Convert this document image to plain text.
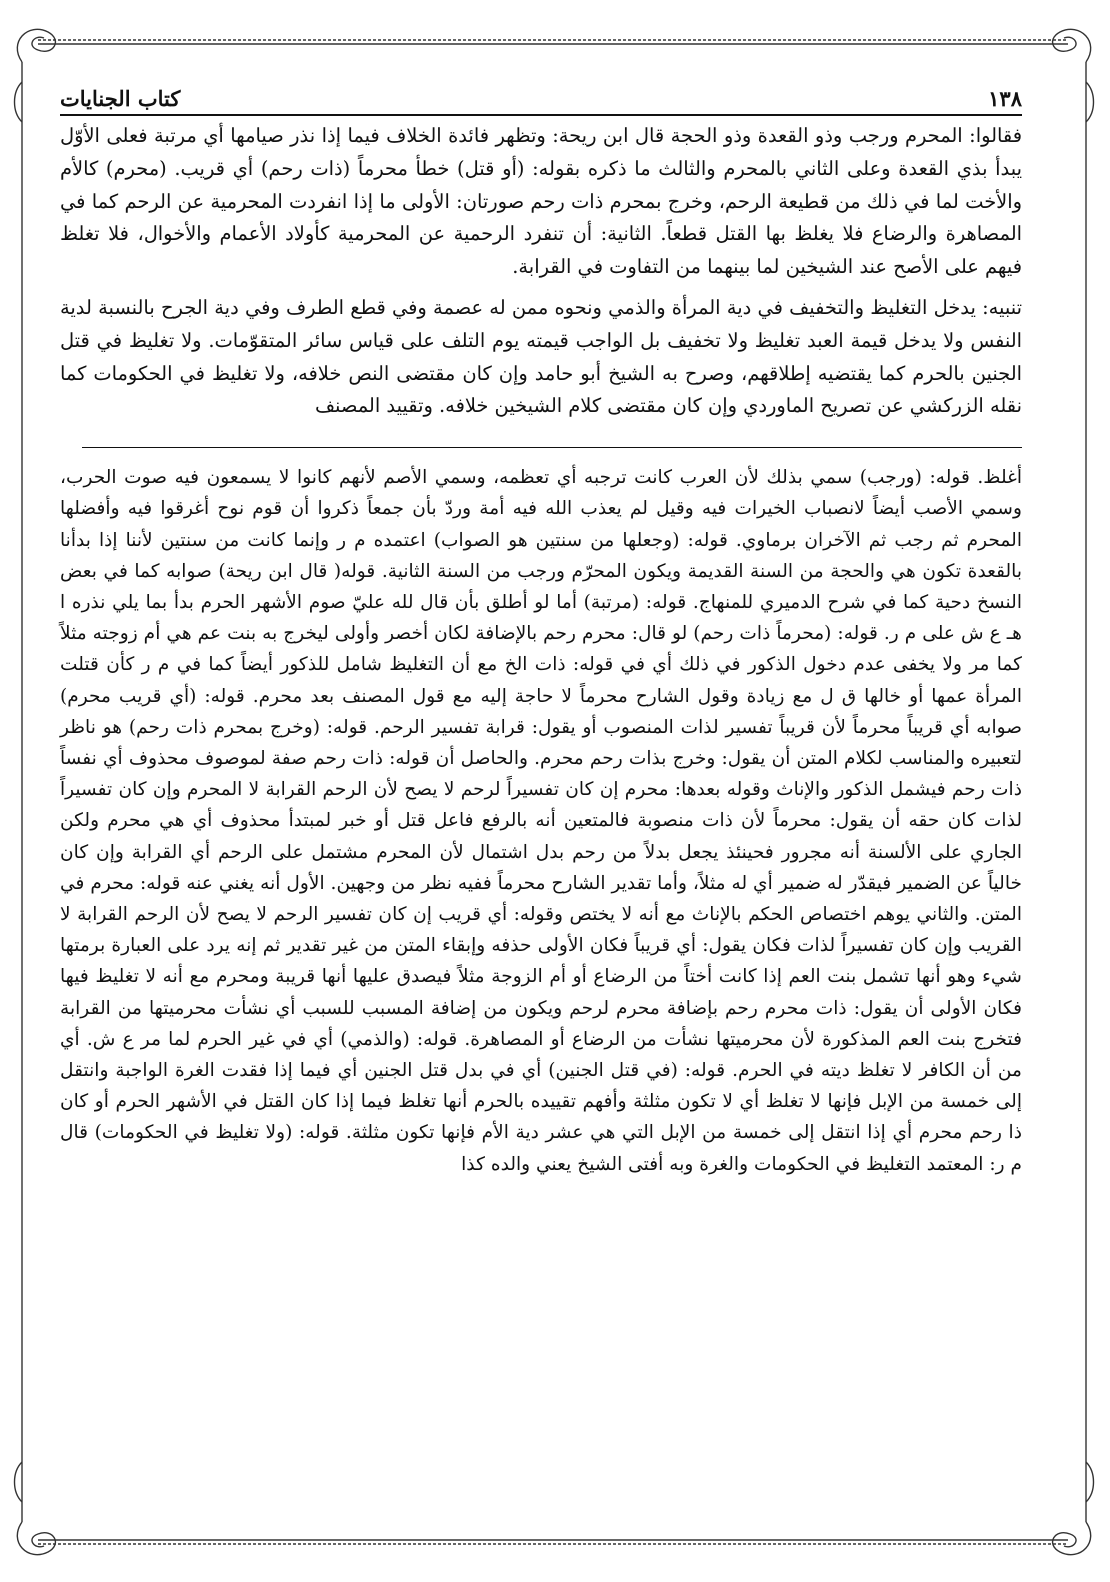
١٣٨
كتاب الجنايات

فقالوا: المحرم ورجب وذو القعدة وذو الحجة قال ابن ريحة: وتظهر فائدة الخلاف فيما إذا نذر صيامها أي مرتبة فعلى الأوّل يبدأ بذي القعدة وعلى الثاني بالمحرم والثالث ما ذكره بقوله: (أو قتل) خطأ محرماً (ذات رحم) أي قريب. (محرم) كالأم والأخت لما في ذلك من قطيعة الرحم، وخرج بمحرم ذات رحم صورتان: الأولى ما إذا انفردت المحرمية عن الرحم كما في المصاهرة والرضاع فلا يغلظ بها القتل قطعاً. الثانية: أن تنفرد الرحمية عن المحرمية كأولاد الأعمام والأخوال، فلا تغلظ فيهم على الأصح عند الشيخين لما بينهما من التفاوت في القرابة.

تنبيه: يدخل التغليظ والتخفيف في دية المرأة والذمي ونحوه ممن له عصمة وفي قطع الطرف وفي دية الجرح بالنسبة لدية النفس ولا يدخل قيمة العبد تغليظ ولا تخفيف بل الواجب قيمته يوم التلف على قياس سائر المتقوّمات. ولا تغليظ في قتل الجنين بالحرم كما يقتضيه إطلاقهم، وصرح به الشيخ أبو حامد وإن كان مقتضى النص خلافه، ولا تغليظ في الحكومات كما نقله الزركشي عن تصريح الماوردي وإن كان مقتضى كلام الشيخين خلافه. وتقييد المصنف

أغلظ. قوله: (ورجب) سمي بذلك لأن العرب كانت ترجبه أي تعظمه، وسمي الأصم لأنهم كانوا لا يسمعون فيه صوت الحرب، وسمي الأصب أيضاً لانصباب الخيرات فيه وقيل لم يعذب الله فيه أمة وردّ بأن جمعاً ذكروا أن قوم نوح أغرقوا فيه وأفضلها المحرم ثم رجب ثم الآخران برماوي. قوله: (وجعلها من سنتين هو الصواب) اعتمده م ر وإنما كانت من سنتين لأننا إذا بدأنا بالقعدة تكون هي والحجة من السنة القديمة ويكون المحرّم ورجب من السنة الثانية. قوله( قال ابن ريحة) صوابه كما في بعض النسخ دحية كما في شرح الدميري للمنهاج. قوله: (مرتبة) أما لو أطلق بأن قال لله عليّ صوم الأشهر الحرم بدأ بما يلي نذره ا هـ ع ش على م ر. قوله: (محرماً ذات رحم) لو قال: محرم رحم بالإضافة لكان أخصر وأولى ليخرج به بنت عم هي أم زوجته مثلاً كما مر ولا يخفى عدم دخول الذكور في ذلك أي في قوله: ذات الخ مع أن التغليظ شامل للذكور أيضاً كما في م ر كأن قتلت المرأة عمها أو خالها ق ل مع زيادة وقول الشارح محرماً لا حاجة إليه مع قول المصنف بعد محرم. قوله: (أي قريب محرم) صوابه أي قريباً محرماً لأن قريباً تفسير لذات المنصوب أو يقول: قرابة تفسير الرحم. قوله: (وخرج بمحرم ذات رحم) هو ناظر لتعبيره والمناسب لكلام المتن أن يقول: وخرج بذات رحم محرم. والحاصل أن قوله: ذات رحم صفة لموصوف محذوف أي نفساً ذات رحم فيشمل الذكور والإناث وقوله بعدها: محرم إن كان تفسيراً لرحم لا يصح لأن الرحم القرابة لا المحرم وإن كان تفسيراً لذات كان حقه أن يقول: محرماً لأن ذات منصوبة فالمتعين أنه بالرفع فاعل قتل أو خبر لمبتدأ محذوف أي هي محرم ولكن الجاري على الألسنة أنه مجرور فحينئذ يجعل بدلاً من رحم بدل اشتمال لأن المحرم مشتمل على الرحم أي القرابة وإن كان خالياً عن الضمير فيقدّر له ضمير أي له مثلاً، وأما تقدير الشارح محرماً ففيه نظر من وجهين. الأول أنه يغني عنه قوله: محرم في المتن. والثاني يوهم اختصاص الحكم بالإناث مع أنه لا يختص وقوله: أي قريب إن كان تفسير الرحم لا يصح لأن الرحم القرابة لا القريب وإن كان تفسيراً لذات فكان يقول: أي قريباً فكان الأولى حذفه وإبقاء المتن من غير تقدير ثم إنه يرد على العبارة برمتها شيء وهو أنها تشمل بنت العم إذا كانت أختاً من الرضاع أو أم الزوجة مثلاً فيصدق عليها أنها قريبة ومحرم مع أنه لا تغليظ فيها فكان الأولى أن يقول: ذات محرم رحم بإضافة محرم لرحم ويكون من إضافة المسبب للسبب أي نشأت محرميتها من القرابة فتخرج بنت العم المذكورة لأن محرميتها نشأت من الرضاع أو المصاهرة. قوله: (والذمي) أي في غير الحرم لما مر ع ش. أي من أن الكافر لا تغلظ ديته في الحرم. قوله: (في قتل الجنين) أي في بدل قتل الجنين أي فيما إذا فقدت الغرة الواجبة وانتقل إلى خمسة من الإبل فإنها لا تغلظ أي لا تكون مثلثة وأفهم تقييده بالحرم أنها تغلظ فيما إذا كان القتل في الأشهر الحرم أو كان ذا رحم محرم أي إذا انتقل إلى خمسة من الإبل التي هي عشر دية الأم فإنها تكون مثلثة. قوله: (ولا تغليظ في الحكومات) قال م ر: المعتمد التغليظ في الحكومات والغرة وبه أفتى الشيخ يعني والده كذا
